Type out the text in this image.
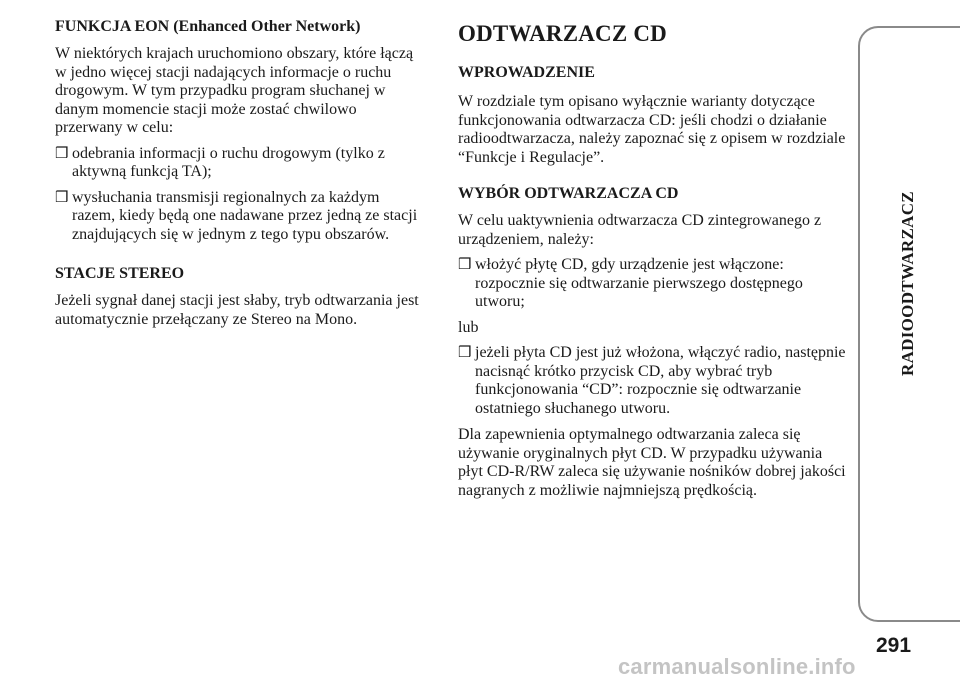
FUNKCJA EON (Enhanced Other Network)

W niektórych krajach uruchomiono obszary, które łączą w jedno więcej stacji nadających informacje o ruchu drogowym. W tym przypadku program słuchanej w danym momencie stacji może zostać chwilowo przerwany w celu:

❒ odebrania informacji o ruchu drogowym (tylko z aktywną funkcją TA);
❒ wysłuchania transmisji regionalnych za każdym razem, kiedy będą one nadawane przez jedną ze stacji znajdujących się w jednym z tego typu obszarów.
STACJE STEREO

Jeżeli sygnał danej stacji jest słaby, tryb odtwarzania jest automatycznie przełączany ze Stereo na Mono.

ODTWARZACZ CD
WPROWADZENIE

W rozdziale tym opisano wyłącznie warianty dotyczące funkcjonowania odtwarzacza CD: jeśli chodzi o działanie radioodtwarzacza, należy zapoznać się z opisem w rozdziale “Funkcje i Regulacje”.

WYBÓR ODTWARZACZA CD

W celu uaktywnienia odtwarzacza CD zintegrowanego z urządzeniem, należy:

❒ włożyć płytę CD, gdy urządzenie jest włączone: rozpocznie się odtwarzanie pierwszego dostępnego utworu;

lub

❒ jeżeli płyta CD jest już włożona, włączyć radio, następnie nacisnąć krótko przycisk CD, aby wybrać tryb funkcjonowania “CD”: rozpocznie się odtwarzanie ostatniego słuchanego utworu.

Dla zapewnienia optymalnego odtwarzania zaleca się używanie oryginalnych płyt CD. W przypadku używania płyt CD-R/RW zaleca się używanie nośników dobrej jakości nagranych z możliwie najmniejszą prędkością.

RADIOODTWARZACZ
291
carmanualsonline.info
